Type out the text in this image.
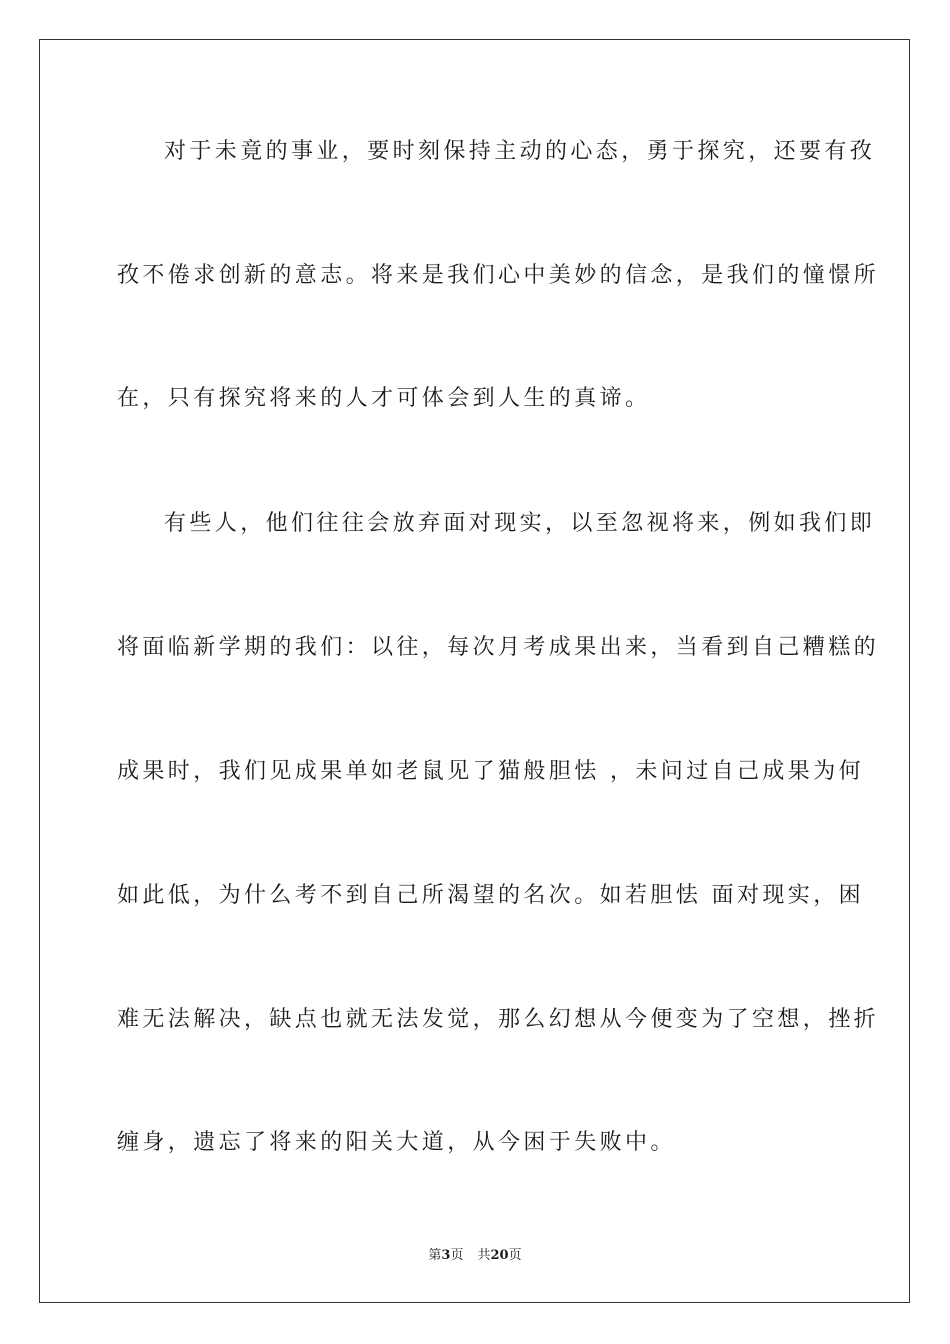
对于未竟的事业，要时刻保持主动的心态，勇于探究，还要有孜

孜不倦求创新的意志。将来是我们心中美妙的信念，是我们的憧憬所

在，只有探究将来的人才可体会到人生的真谛。

有些人，他们往往会放弃面对现实，以至忽视将来，例如我们即

将面临新学期的我们：以往，每次月考成果出来，当看到自己糟糕的

成果时，我们见成果单如老鼠见了猫般胆怯 ，未问过自己成果为何

如此低，为什么考不到自己所渴望的名次。如若胆怯 面对现实，困

难无法解决，缺点也就无法发觉，那么幻想从今便变为了空想，挫折

缠身，遗忘了将来的阳关大道，从今困于失败中。

第3页 共20页
